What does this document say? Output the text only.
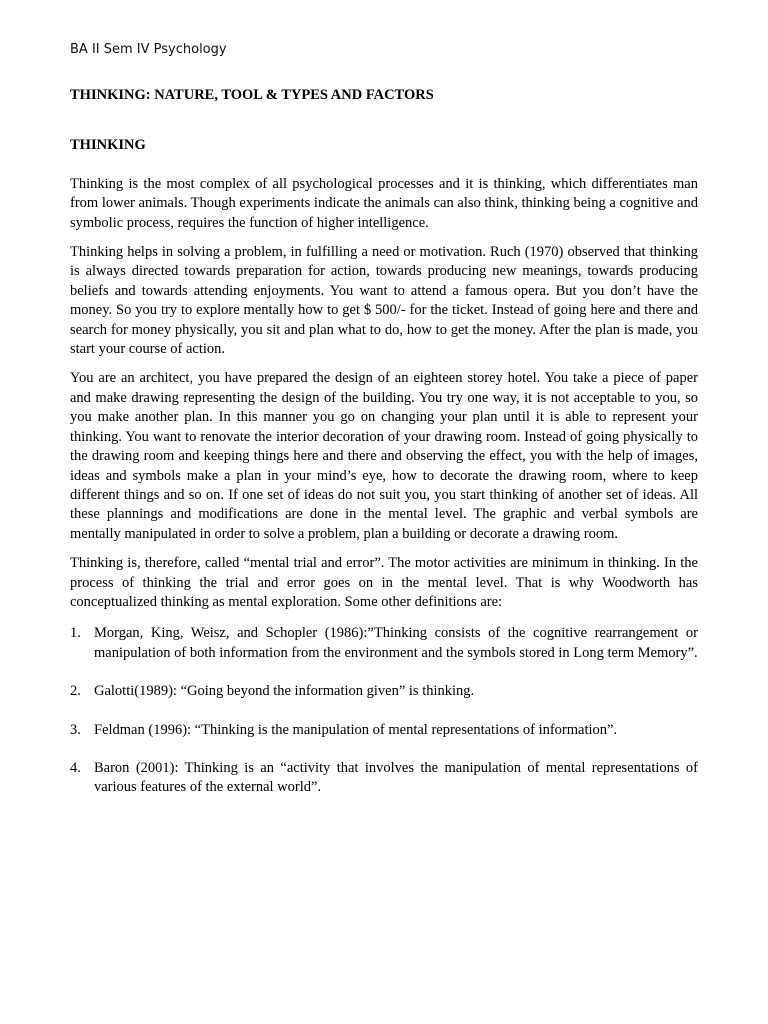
BA II Sem IV Psychology

THINKING: NATURE, TOOL & TYPES AND FACTORS

THINKING

Thinking is the most complex of all psychological processes and it is thinking, which differentiates man from lower animals. Though experiments indicate the animals can also think, thinking being a cognitive and symbolic process, requires the function of higher intelligence.

Thinking helps in solving a problem, in fulfilling a need or motivation. Ruch (1970) observed that thinking is always directed towards preparation for action, towards producing new meanings, towards producing beliefs and towards attending enjoyments. You want to attend a famous opera. But you don’t have the money. So you try to explore mentally how to get $ 500/- for the ticket. Instead of going here and there and search for money physically, you sit and plan what to do, how to get the money. After the plan is made, you start your course of action.

You are an architect, you have prepared the design of an eighteen storey hotel. You take a piece of paper and make drawing representing the design of the building. You try one way, it is not acceptable to you, so you make another plan. In this manner you go on changing your plan until it is able to represent your thinking. You want to renovate the interior decoration of your drawing room. Instead of going physically to the drawing room and keeping things here and there and observing the effect, you with the help of images, ideas and symbols make a plan in your mind’s eye, how to decorate the drawing room, where to keep different things and so on. If one set of ideas do not suit you, you start thinking of another set of ideas. All these plannings and modifications are done in the mental level. The graphic and verbal symbols are mentally manipulated in order to solve a problem, plan a building or decorate a drawing room.

Thinking is, therefore, called “mental trial and error”. The motor activities are minimum in thinking. In the process of thinking the trial and error goes on in the mental level. That is why Woodworth has conceptualized thinking as mental exploration. Some other definitions are:

1. Morgan, King, Weisz, and Schopler (1986):”Thinking consists of the cognitive rearrangement or manipulation of both information from the environment and the symbols stored in Long term Memory”.
2. Galotti(1989): “Going beyond the information given” is thinking.
3. Feldman (1996): “Thinking is the manipulation of mental representations of information”.
4. Baron (2001): Thinking is an “activity that involves the manipulation of mental representations of various features of the external world”.
